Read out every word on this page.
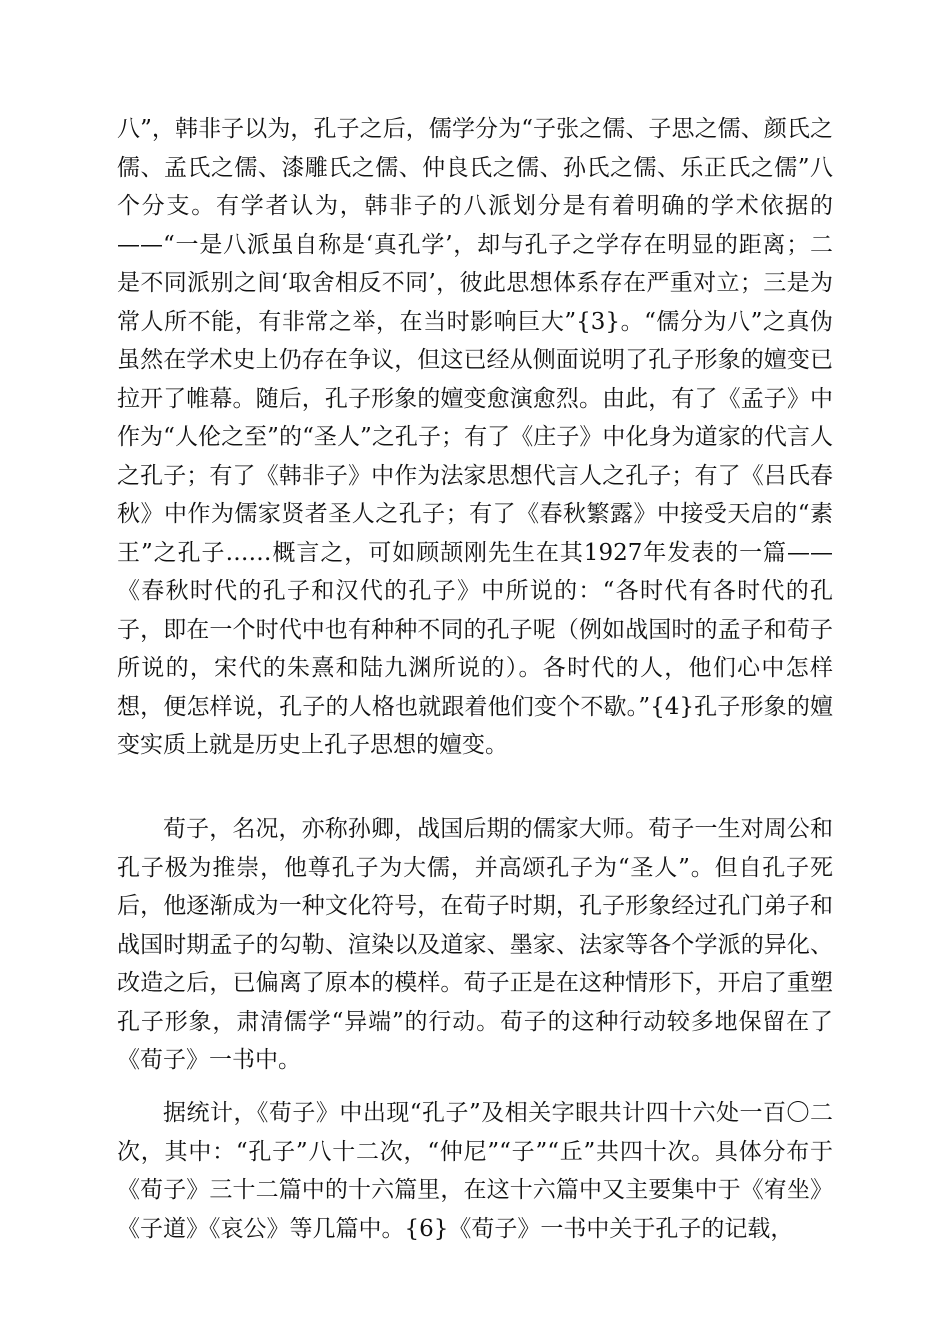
八”，韩非子以为，孔子之后，儒学分为“子张之儒、子思之儒、颜氏之儒、孟氏之儒、漆雕氏之儒、仲良氏之儒、孙氏之儒、乐正氏之儒”八个分支。有学者认为，韩非子的八派划分是有着明确的学术依据的——“一是八派虽自称是‘真孔学’，却与孔子之学存在明显的距离；二是不同派别之间‘取舍相反不同’，彼此思想体系存在严重对立；三是为常人所不能，有非常之举，在当时影响巨大”{3}。“儒分为八”之真伪虽然在学术史上仍存在争议，但这已经从侧面说明了孔子形象的嬗变已拉开了帷幕。随后，孔子形象的嬗变愈演愈烈。由此，有了《孟子》中作为“人伦之至”的“圣人”之孔子；有了《庄子》中化身为道家的代言人之孔子；有了《韩非子》中作为法家思想代言人之孔子；有了《吕氏春秋》中作为儒家贤者圣人之孔子；有了《春秋繁露》中接受天启的“素王”之孔子……概言之，可如顾颉刚先生在其1927年发表的一篇——《春秋时代的孔子和汉代的孔子》中所说的：“各时代有各时代的孔子，即在一个时代中也有种种不同的孔子呢（例如战国时的孟子和荀子所说的，宋代的朱熹和陆九渊所说的）。各时代的人，他们心中怎样想，便怎样说，孔子的人格也就跟着他们变个不歇。”{4}孔子形象的嬗变实质上就是历史上孔子思想的嬗变。

荀子，名况，亦称孙卿，战国后期的儒家大师。荀子一生对周公和孔子极为推崇，他尊孔子为大儒，并高颂孔子为“圣人”。但自孔子死后，他逐渐成为一种文化符号，在荀子时期，孔子形象经过孔门弟子和战国时期孟子的勾勒、渲染以及道家、墨家、法家等各个学派的异化、改造之后，已偏离了原本的模样。荀子正是在这种情形下，开启了重塑孔子形象，肃清儒学“异端”的行动。荀子的这种行动较多地保留在了《荀子》一书中。

据统计，《荀子》中出现“孔子”及相关字眼共计四十六处一百〇二次，其中：“孔子”八十二次，“仲尼”“子”“丘”共四十次。具体分布于《荀子》三十二篇中的十六篇里，在这十六篇中又主要集中于《宥坐》《子道》《哀公》等几篇中。{6}《荀子》一书中关于孔子的记载，
